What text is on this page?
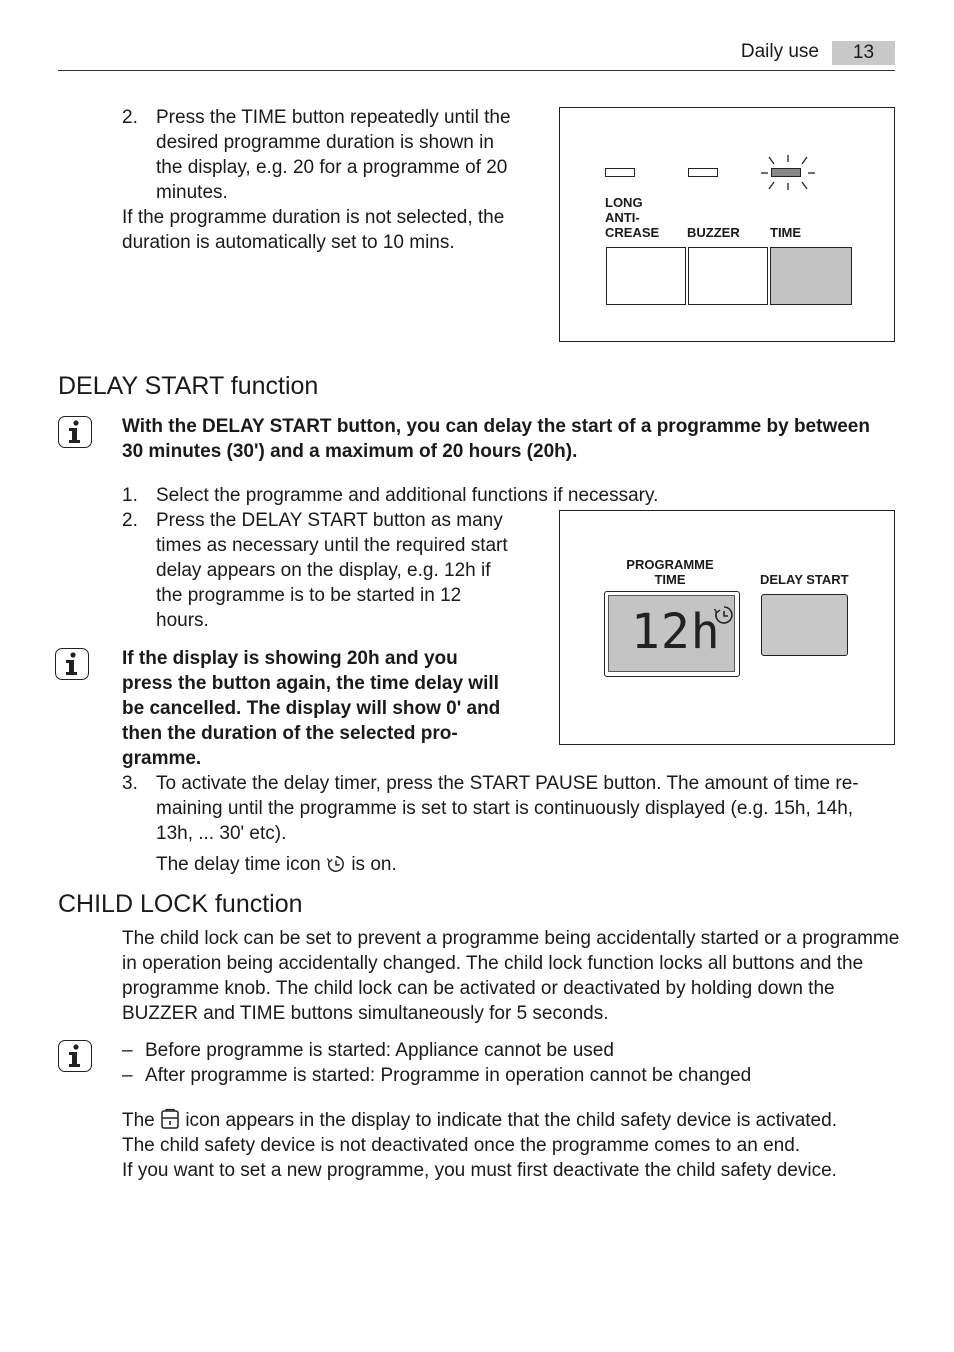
Daily use	13
2. Press the TIME button repeatedly until the
desired programme duration is shown in
the display, e.g. 20 for a programme of 20
minutes.
If the programme duration is not selected, the
duration is automatically set to 10 mins.
LONG
ANTI-
CREASE BUZZER TIME
DELAY START function
With the DELAY START button, you can delay the start of a programme by between
30 minutes (30') and a maximum of 20 hours (20h).
1. Select the programme and additional functions if necessary.
2. Press the DELAY START button as many
times as necessary until the required start
delay appears on the display, e.g. 12h if
the programme is to be started in 12
hours.
If the display is showing 20h and you
press the button again, the time delay will
be cancelled. The display will show 0' and
then the duration of the selected pro-
gramme.
PROGRAMME
TIME	DELAY START
12h
3. To activate the delay timer, press the START PAUSE button. The amount of time re-
maining until the programme is set to start is continuously displayed (e.g. 15h, 14h,
13h, ... 30' etc).
The delay time icon is on.
CHILD LOCK function
The child lock can be set to prevent a programme being accidentally started or a programme
in operation being accidentally changed. The child lock function locks all buttons and the
programme knob. The child lock can be activated or deactivated by holding down the
BUZZER and TIME buttons simultaneously for 5 seconds.
– Before programme is started: Appliance cannot be used
– After programme is started: Programme in operation cannot be changed
The icon appears in the display to indicate that the child safety device is activated.
The child safety device is not deactivated once the programme comes to an end.
If you want to set a new programme, you must first deactivate the child safety device.
